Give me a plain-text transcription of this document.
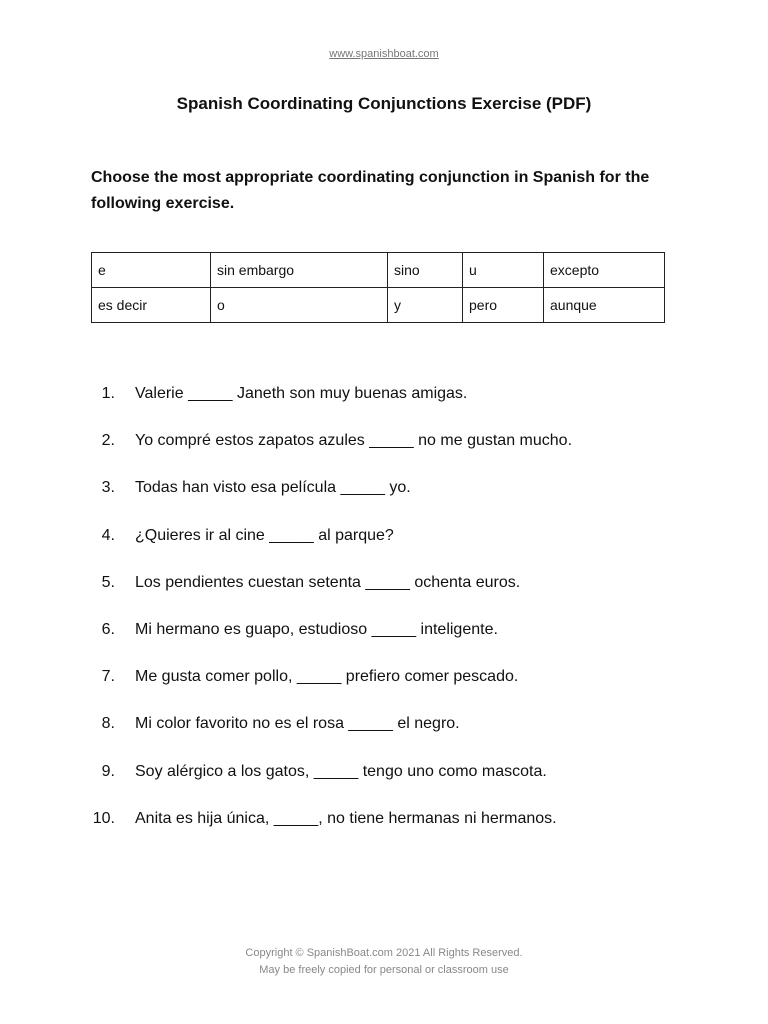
www.spanishboat.com
Spanish Coordinating Conjunctions Exercise (PDF)
Choose the most appropriate coordinating conjunction in Spanish for the following exercise.
e	sin embargo	sino	u	excepto
es decir	o	y	pero	aunque
1. Valerie _____ Janeth son muy buenas amigas.
2. Yo compré estos zapatos azules _____ no me gustan mucho.
3. Todas han visto esa película _____ yo.
4. ¿Quieres ir al cine _____ al parque?
5. Los pendientes cuestan setenta _____ ochenta euros.
6. Mi hermano es guapo, estudioso _____ inteligente.
7. Me gusta comer pollo, _____ prefiero comer pescado.
8. Mi color favorito no es el rosa _____ el negro.
9. Soy alérgico a los gatos, _____ tengo uno como mascota.
10. Anita es hija única, _____, no tiene hermanas ni hermanos.
Copyright © SpanishBoat.com 2021 All Rights Reserved.
May be freely copied for personal or classroom use
